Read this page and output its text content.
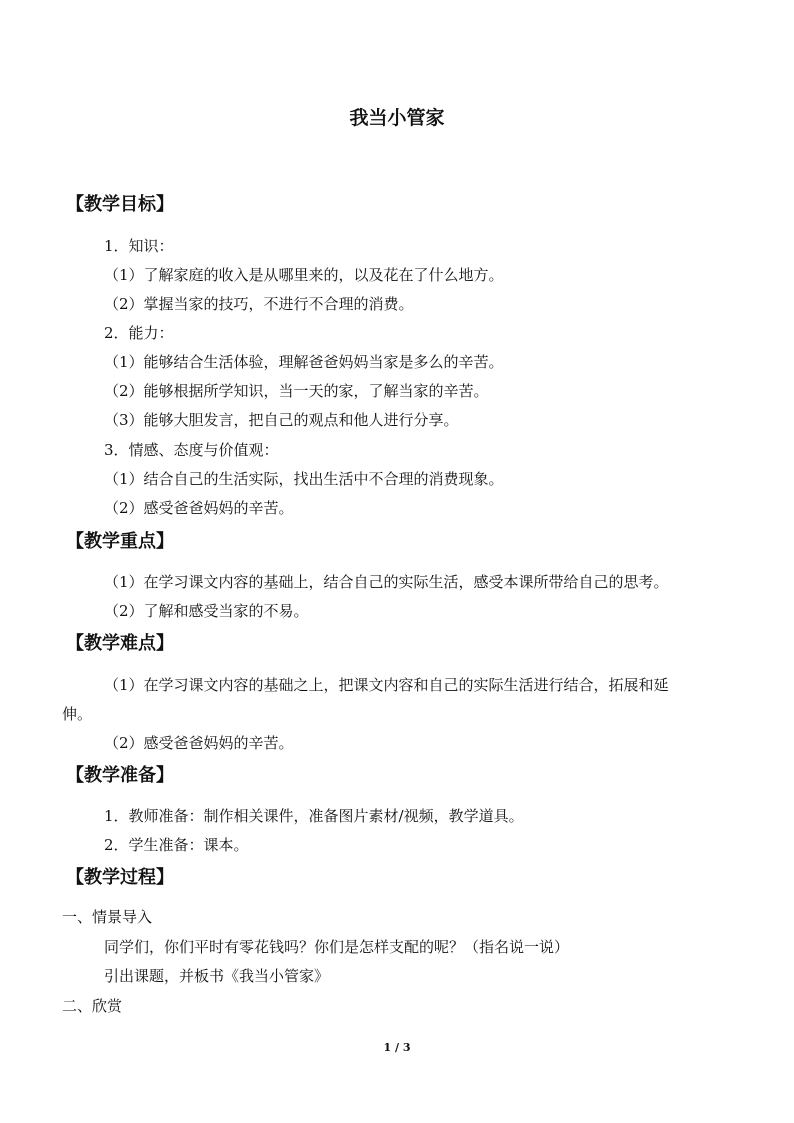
我当小管家
【教学目标】
1．知识：
（1）了解家庭的收入是从哪里来的，以及花在了什么地方。
（2）掌握当家的技巧，不进行不合理的消费。
2．能力：
（1）能够结合生活体验，理解爸爸妈妈当家是多么的辛苦。
（2）能够根据所学知识，当一天的家，了解当家的辛苦。
（3）能够大胆发言，把自己的观点和他人进行分享。
3．情感、态度与价值观：
（1）结合自己的生活实际，找出生活中不合理的消费现象。
（2）感受爸爸妈妈的辛苦。
【教学重点】
（1）在学习课文内容的基础上，结合自己的实际生活，感受本课所带给自己的思考。
（2）了解和感受当家的不易。
【教学难点】
（1）在学习课文内容的基础之上，把课文内容和自己的实际生活进行结合，拓展和延
伸。
（2）感受爸爸妈妈的辛苦。
【教学准备】
1．教师准备：制作相关课件，准备图片素材/视频，教学道具。
2．学生准备：课本。
【教学过程】
一、情景导入
同学们，你们平时有零花钱吗？你们是怎样支配的呢？（指名说一说）
引出课题，并板书《我当小管家》
二、欣赏
1 / 3
